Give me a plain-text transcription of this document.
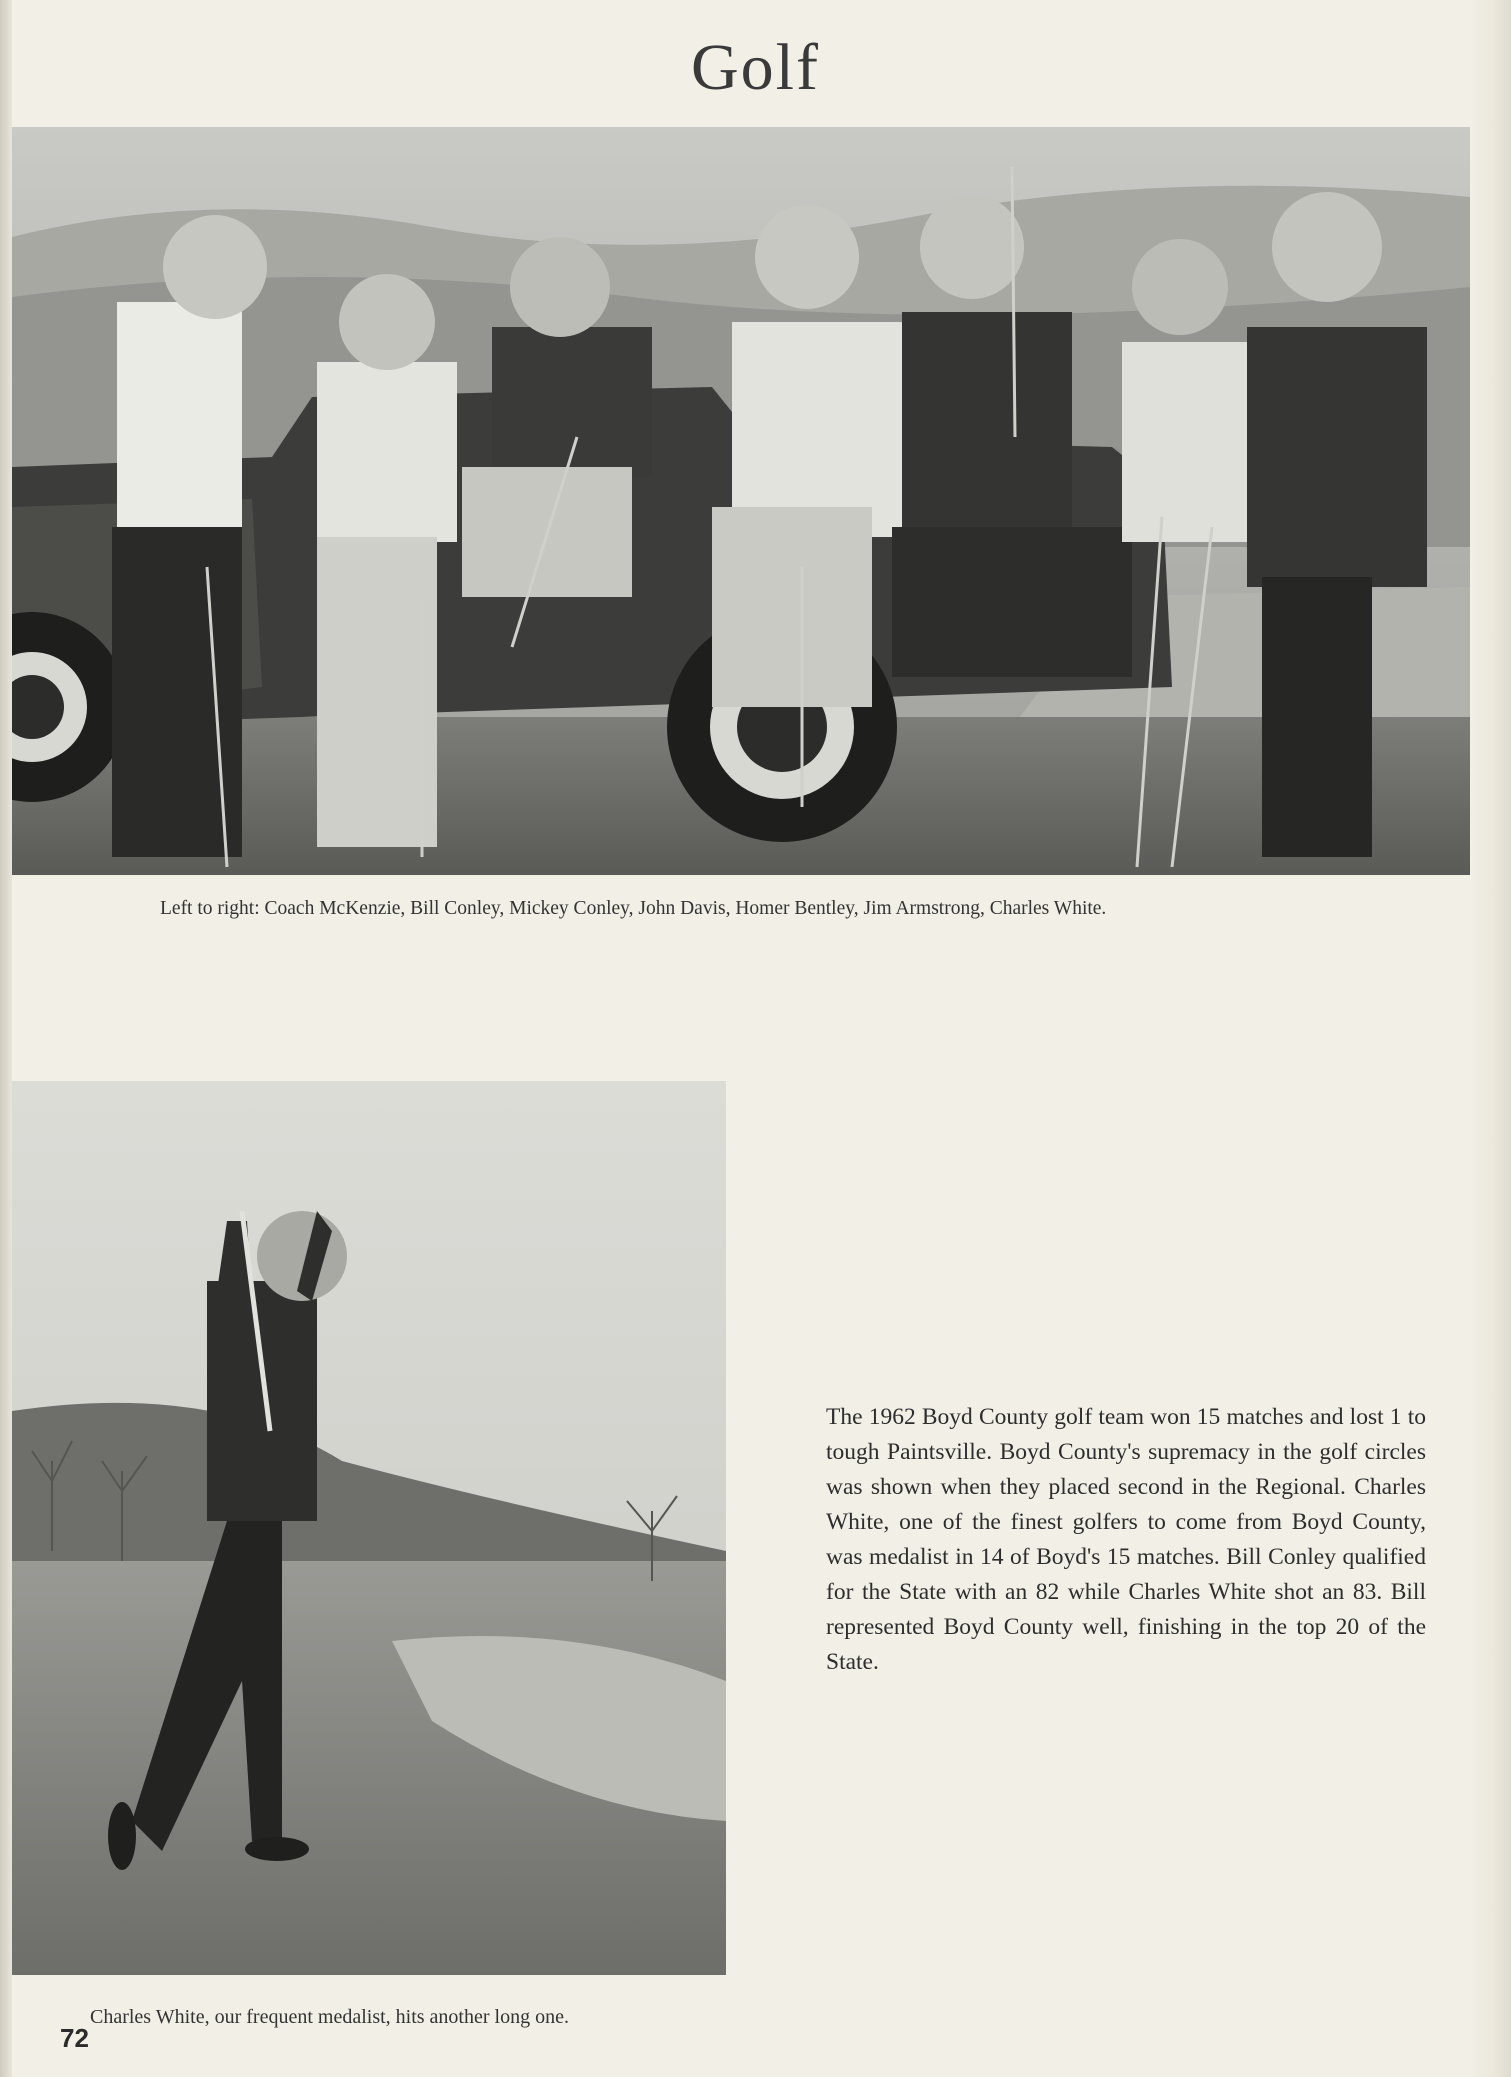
Golf
Left to right: Coach McKenzie, Bill Conley, Mickey Conley, John Davis, Homer Bentley, Jim Armstrong, Charles White.
The 1962 Boyd County golf team won 15 matches and lost 1 to tough Paintsville. Boyd County's supremacy in the golf circles was shown when they placed second in the Regional. Charles White, one of the finest golfers to come from Boyd County, was medalist in 14 of Boyd's 15 matches. Bill Conley qualified for the State with an 82 while Charles White shot an 83. Bill represented Boyd County well, finishing in the top 20 of the State.
72
Charles White, our frequent medalist, hits another long one.
